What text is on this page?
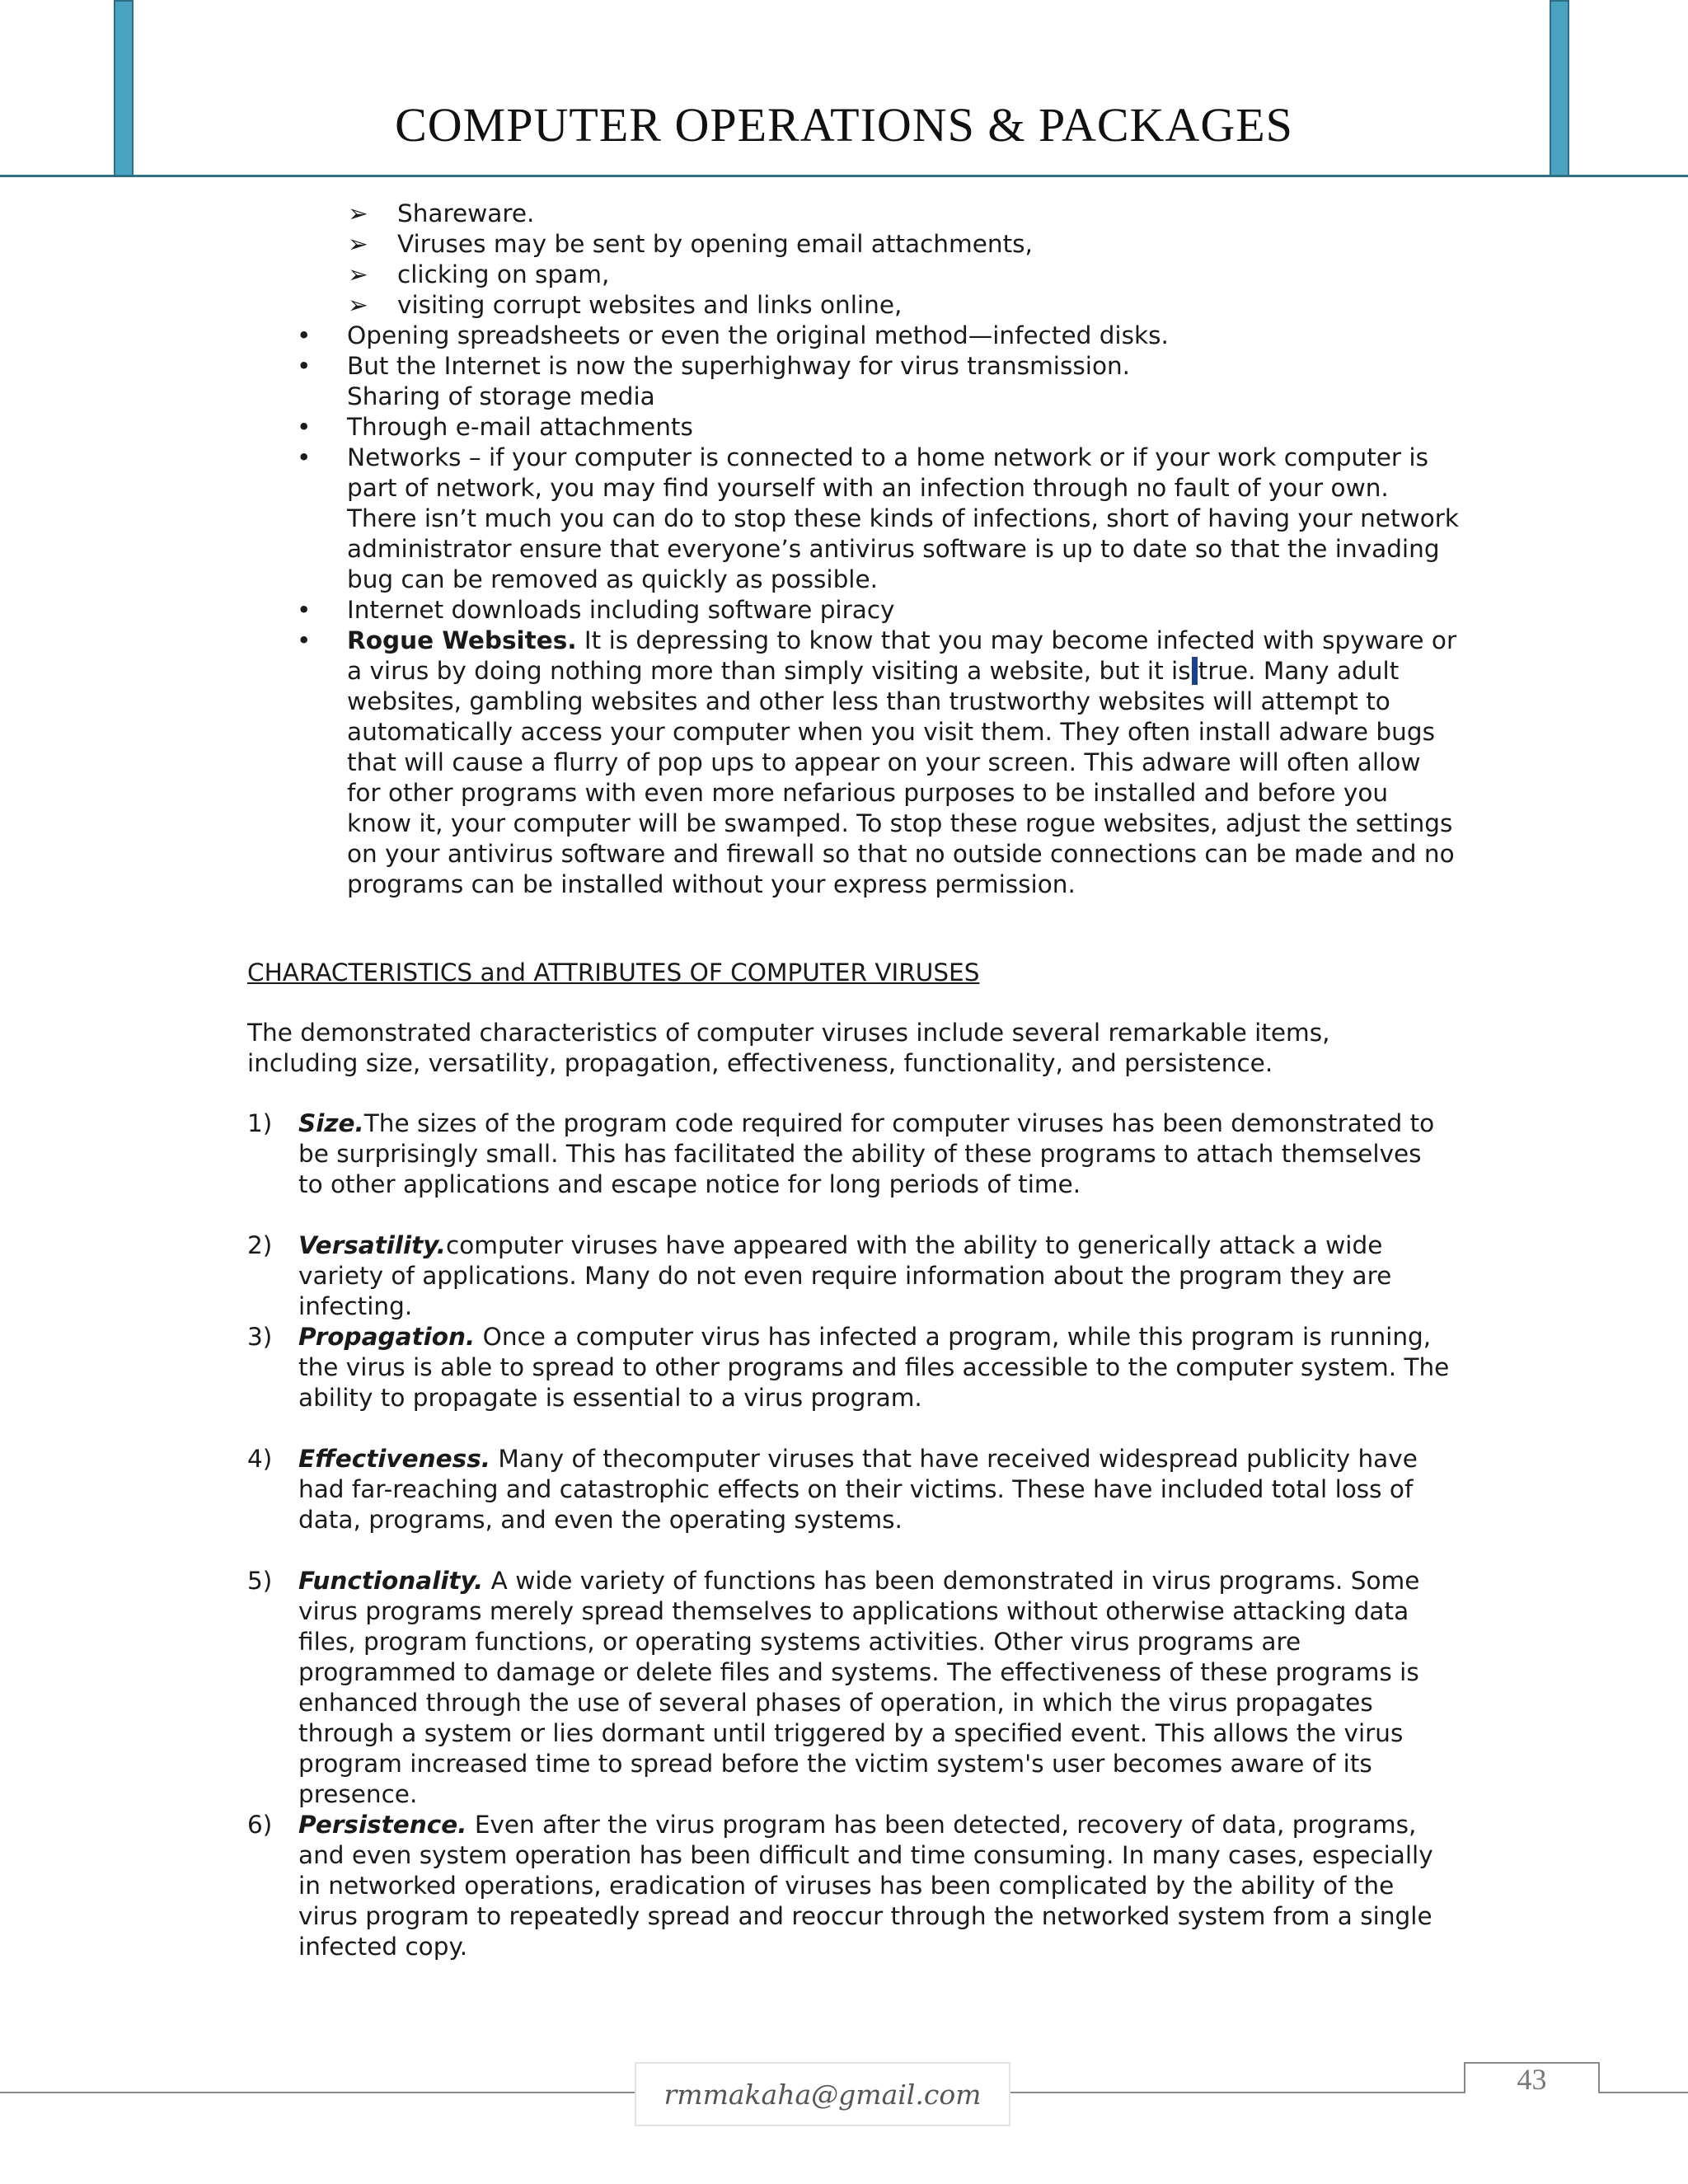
COMPUTER OPERATIONS & PACKAGES
➢ Shareware.
➢ Viruses may be sent by opening email attachments,
➢ clicking on spam,
➢ visiting corrupt websites and links online,
• Opening spreadsheets or even the original method—infected disks.
• But the Internet is now the superhighway for virus transmission.
Sharing of storage media
• Through e-mail attachments
• Networks – if your computer is connected to a home network or if your work computer is part of network, you may find yourself with an infection through no fault of your own. There isn’t much you can do to stop these kinds of infections, short of having your network administrator ensure that everyone’s antivirus software is up to date so that the invading bug can be removed as quickly as possible.
• Internet downloads including software piracy
• Rogue Websites. It is depressing to know that you may become infected with spyware or a virus by doing nothing more than simply visiting a website, but it is true. Many adult websites, gambling websites and other less than trustworthy websites will attempt to automatically access your computer when you visit them. They often install adware bugs that will cause a flurry of pop ups to appear on your screen. This adware will often allow for other programs with even more nefarious purposes to be installed and before you know it, your computer will be swamped. To stop these rogue websites, adjust the settings on your antivirus software and firewall so that no outside connections can be made and no programs can be installed without your express permission.
CHARACTERISTICS and ATTRIBUTES OF COMPUTER VIRUSES

The demonstrated characteristics of computer viruses include several remarkable items, including size, versatility, propagation, effectiveness, functionality, and persistence.

1) Size.The sizes of the program code required for computer viruses has been demonstrated to be surprisingly small. This has facilitated the ability of these programs to attach themselves to other applications and escape notice for long periods of time.
2) Versatility.computer viruses have appeared with the ability to generically attack a wide variety of applications. Many do not even require information about the program they are infecting.
3) Propagation. Once a computer virus has infected a program, while this program is running, the virus is able to spread to other programs and files accessible to the computer system. The ability to propagate is essential to a virus program.
4) Effectiveness. Many of thecomputer viruses that have received widespread publicity have had far-reaching and catastrophic effects on their victims. These have included total loss of data, programs, and even the operating systems.
5) Functionality. A wide variety of functions has been demonstrated in virus programs. Some virus programs merely spread themselves to applications without otherwise attacking data files, program functions, or operating systems activities. Other virus programs are programmed to damage or delete files and systems. The effectiveness of these programs is enhanced through the use of several phases of operation, in which the virus propagates through a system or lies dormant until triggered by a specified event. This allows the virus program increased time to spread before the victim system's user becomes aware of its presence.
6) Persistence. Even after the virus program has been detected, recovery of data, programs, and even system operation has been difficult and time consuming. In many cases, especially in networked operations, eradication of viruses has been complicated by the ability of the virus program to repeatedly spread and reoccur through the networked system from a single infected copy.
rmmakaha@gmail.com	43
